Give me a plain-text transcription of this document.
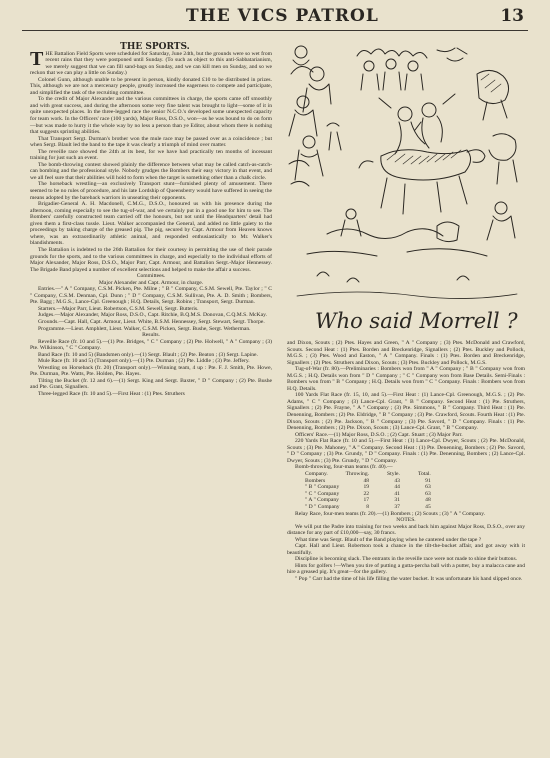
THE VICS PATROL	13

THE SPORTS.

THE Battalion Field Sports were scheduled for Saturday, June 24th, but the grounds were so wet from recent rains that they were postponed until Sunday. (To such as object to this anti-Sabbatarianism, we merely suggest that we can fill sand-bags on Sunday, and we can kill men on Sunday, and so we reckon that we can play a little on Sunday.)

Colonel Gunn, although unable to be present in person, kindly donated £10 to be distributed in prizes. This, although we are not a mercenary people, greatly increased the eagerness to compete and participate, and simplified the task of the recruiting committee.

To the credit of Major Alexander and the various committees in charge, the sports came off smoothly and with great success, and during the afternoon some very fine talent was brought to light—some of it in quite unexpected places. In the three-legged race the senior N.C.O.'s developed some unexpected capacity for team work. In the Officers' race (100 yards), Major Ross, D.S.O., won—as he was bound to do on form—but was made to hurry it the whole way by no less a person than ye Editor, about whom there is nothing that suggests sprinting abilities.

That Transport Sergt. Durman's brother won the mule race may be passed over as a coincidence ; but when Sergt. Blault led the band to the tape it was clearly a triumph of mind over matter.

The reveille race showed the 24th at its best, for we have had practically ten months of incessant training for just such an event.

The bomb-throwing contest showed plainly the difference between what may be called catch-as-catch-can bombing and the professional style. Nobody grudges the Bombers their easy victory in that event, and we all feel sure that their abilities will hold to form when the target is something other than a chalk circle.

The horseback wrestling—an exclusively Transport stunt—furnished plenty of amusement. There seemed to be no rules of procedure, and his late Lordship of Queensberry would have suffered in seeing the means adopted by the bareback warriors in unseating their opponents.

Brigadier-General A. H. Macdonell, C.M.G., D.S.O., honoured us with his presence during the afternoon, coming especially to see the tug-of-war, and we certainly put in a good one for him to see. The Bombers' carefully constructed team carried off the honours, but not until the Headquarters' detail had given them a first-class tussle. Lieut. Walker accompanied the General, and added no little gaiety to the proceedings by taking charge of the greased pig. The pig, secured by Capt. Armour from Heaven knows where, was an extraordinarily athletic animal, and responded enthusiastically to Mr. Walker's blandishments.

The Battalion is indebted to the 26th Battalion for their courtesy in permitting the use of their parade grounds for the sports, and to the various committees in charge, and especially to the individual efforts of Major Alexander, Major Ross, D.S.O., Major Parr, Capt. Armour, and Battalion Sergt.-Major Hennessey. The Brigade Band played a number of excellent selections and helped to make the affair a success.

Committees.

Major Alexander and Capt. Armour, in charge.

Entries.—" A " Company, C.S.M. Picken, Pte. Milne ; " B " Company, C.S.M. Sewell, Pte. Taylor ; " C " Company, C.S.M. Denman, Cpl. Dunn ; " D " Company, C.S.M. Sullivan, Pte. A. D. Smith ; Bombers, Pte. Bagg ; M.G.S., Lance-Cpl. Greenough ; H.Q. Details, Sergt. Robins ; Transport, Sergt. Durman.

Starters.—Major Parr, Lieut. Robertson, C.S.M. Sewell, Sergt. Butteris.

Judges.—Major Alexander, Major Ross, D.S.O., Capt. Ritchie, B.Q.M.S. Donovan, C.Q.M.S. McKay.

Grounds.—Capt. Hall, Capt. Armour, Lieut. White, B.S.M. Hennessey, Sergt. Stewart, Sergt. Thorpe.

Programme.—Lieut. Amphlett, Lieut. Walker, C.S.M. Picken, Sergt. Bushe, Sergt. Wetherman.

Results.

Reveille Race (fr. 10 and 5).—(1) Pte. Bridges, " C " Company ; (2) Pte. Holwell, " A " Company ; (3) Pte. Wilkinson, " C " Company.

Band Race (fr. 10 and 5) (Bandsmen only).—(1) Sergt. Blault ; (2) Pte. Beaton ; (3) Sergt. Lapine.

Mule Race (fr. 10 and 5) (Transport only).—(1) Pte. Durman ; (2) Pte. Liddle ; (3) Pte. Jeffery.

Wrestling on Horseback (fr. 20) (Transport only).—Winning team, 4 up : Pte. F. J. Smith, Pte. Howe, Pte. Durman, Pte. Watts, Pte. Holden, Pte. Hayes.

Tilting the Bucket (fr. 12 and 6).—(1) Sergt. King and Sergt. Baxter, " D " Company ; (2) Pte. Bushe and Pte. Grant, Signallers.

Three-legged Race (fr. 10 and 5).—First Heat : (1) Ptes. Struthers

Who said Morrell ?

and Dixon, Scouts ; (2) Ptes. Hayes and Green, " A " Company ; (3) Ptes. McDonald and Crawford, Scouts. Second Heat : (1) Ptes. Borden and Breckenridge, Signallers ; (2) Ptes. Buckley and Pollock, M.G.S. ; (3) Ptes. Wood and Easton, " A " Company. Finals : (1) Ptes. Borden and Breckenridge, Signallers ; (2) Ptes. Struthers and Dixon, Scouts ; (3) Ptes. Buckley and Pollock, M.G.S.

Tug-of-War (fr. 80).—Preliminaries : Bombers won from " A " Company ; " B " Company won from M.G.S. ; H.Q. Details won from " D " Company ; " C " Company won from Base Details. Semi-Finals : Bombers won from " B " Company ; H.Q. Details won from " C " Company. Finals : Bombers won from H.Q. Details.

100 Yards Flat Race (fr. 15, 10, and 5).—First Heat : (1) Lance-Cpl. Greenough, M.G.S. ; (2) Pte. Adams, " C " Company ; (3) Lance-Cpl. Grant, " B " Company. Second Heat : (1) Pte. Struthers, Signallers ; (2) Pte. Frayne, " A " Company ; (3) Pte. Simmons, " B " Company. Third Heat : (1) Pte. Denenning, Bombers ; (2) Pte. Eldridge, " B " Company ; (3) Pte. Crawford, Scouts. Fourth Heat : (1) Pte. Dixon, Scouts ; (2) Pte. Jackson, " B " Company ; (3) Pte. Savord, " D " Company. Finals : (1) Pte. Denenning, Bombers ; (2) Pte. Dixon, Scouts ; (3) Lance-Cpl. Grant, " B " Company.

Officers' Race.—(1) Major Ross, D.S.O. ; (2) Capt. Stuart ; (3) Major Parr.

220 Yards Flat Race (fr. 10 and 5).—First Heat : (1) Lance-Cpl. Dwyer, Scouts ; (2) Pte. McDonald, Scouts ; (3) Pte. Mahoney, " A " Company. Second Heat : (1) Pte. Denenning, Bombers ; (2) Pte. Savord, " D " Company ; (3) Pte. Grundy, " D " Company. Finals : (1) Pte. Denenning, Bombers ; (2) Lance-Cpl. Dwyer, Scouts ; (3) Pte. Grundy, " D " Company.

Bomb-throwing, four-man teams (fr. 40).—

Company.	Throwing.	Style.	Total.
Bombers	48	43	91
" B " Company	19	44	63
" C " Company	22	41	63
" A " Company	17	31	48
" D " Company	8	37	45

Relay Race, four-men teams (fr. 20).—(1) Bombers ; (2) Scouts ; (3) " A " Company.

NOTES.

We will put the Padre into training for two weeks and back him against Major Ross, D.S.O., over any distance for any part of £10,000—say, 30 francs.

What time was Sergt. Blault of the Band playing when he cantered under the tape ?

Capt. Hall and Lieut. Robertson took a chance in the tilt-the-bucket affair, and got away with it beautifully.

Discipline is becoming slack. The entrants in the reveille race were not made to shine their buttons.

Hints for golfers !—When you tire of putting a gutta-percha ball with a putter, buy a malacca cane and hire a greased pig. It's great—for the gallery.

" Pop " Carr had the time of his life filling the water bucket. It was unfortunate his hand slipped once.
